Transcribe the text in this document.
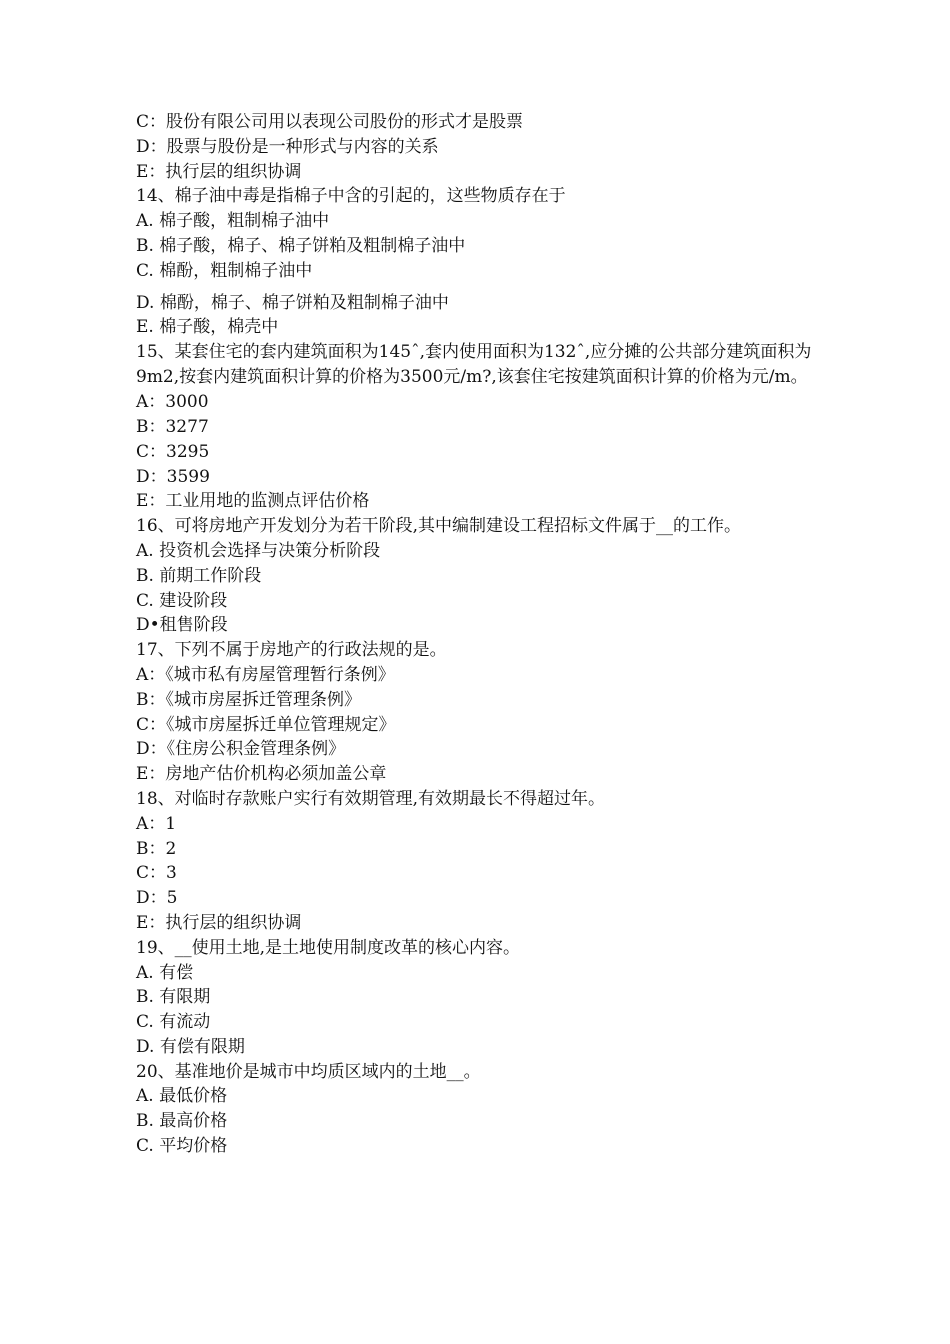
C：股份有限公司用以表现公司股份的形式才是股票
D：股票与股份是一种形式与内容的关系
E：执行层的组织协调
14、棉子油中毒是指棉子中含的引起的，这些物质存在于
A. 棉子酸，粗制棉子油中
B. 棉子酸，棉子、棉子饼粕及粗制棉子油中
C. 棉酚，粗制棉子油中
D. 棉酚，棉子、棉子饼粕及粗制棉子油中
E. 棉子酸，棉壳中
15、某套住宅的套内建筑面积为145ˆ,套内使用面积为132ˆ,应分摊的公共部分建筑面积为9m2,按套内建筑面积计算的价格为3500元/m?,该套住宅按建筑面积计算的价格为元/m。
A：3000
B：3277
C：3295
D：3599
E：工业用地的监测点评估价格
16、可将房地产开发划分为若干阶段,其中编制建设工程招标文件属于__的工作。
A. 投资机会选择与决策分析阶段
B. 前期工作阶段
C. 建设阶段
D•租售阶段
17、下列不属于房地产的行政法规的是。
A：《城市私有房屋管理暂行条例》
B：《城市房屋拆迁管理条例》
C：《城市房屋拆迁单位管理规定》
D：《住房公积金管理条例》
E：房地产估价机构必须加盖公章
18、对临时存款账户实行有效期管理,有效期最长不得超过年。
A：1
B：2
C：3
D：5
E：执行层的组织协调
19、__使用土地,是土地使用制度改革的核心内容。
A. 有偿
B. 有限期
C. 有流动
D. 有偿有限期
20、基准地价是城市中均质区域内的土地__。
A. 最低价格
B. 最高价格
C. 平均价格
